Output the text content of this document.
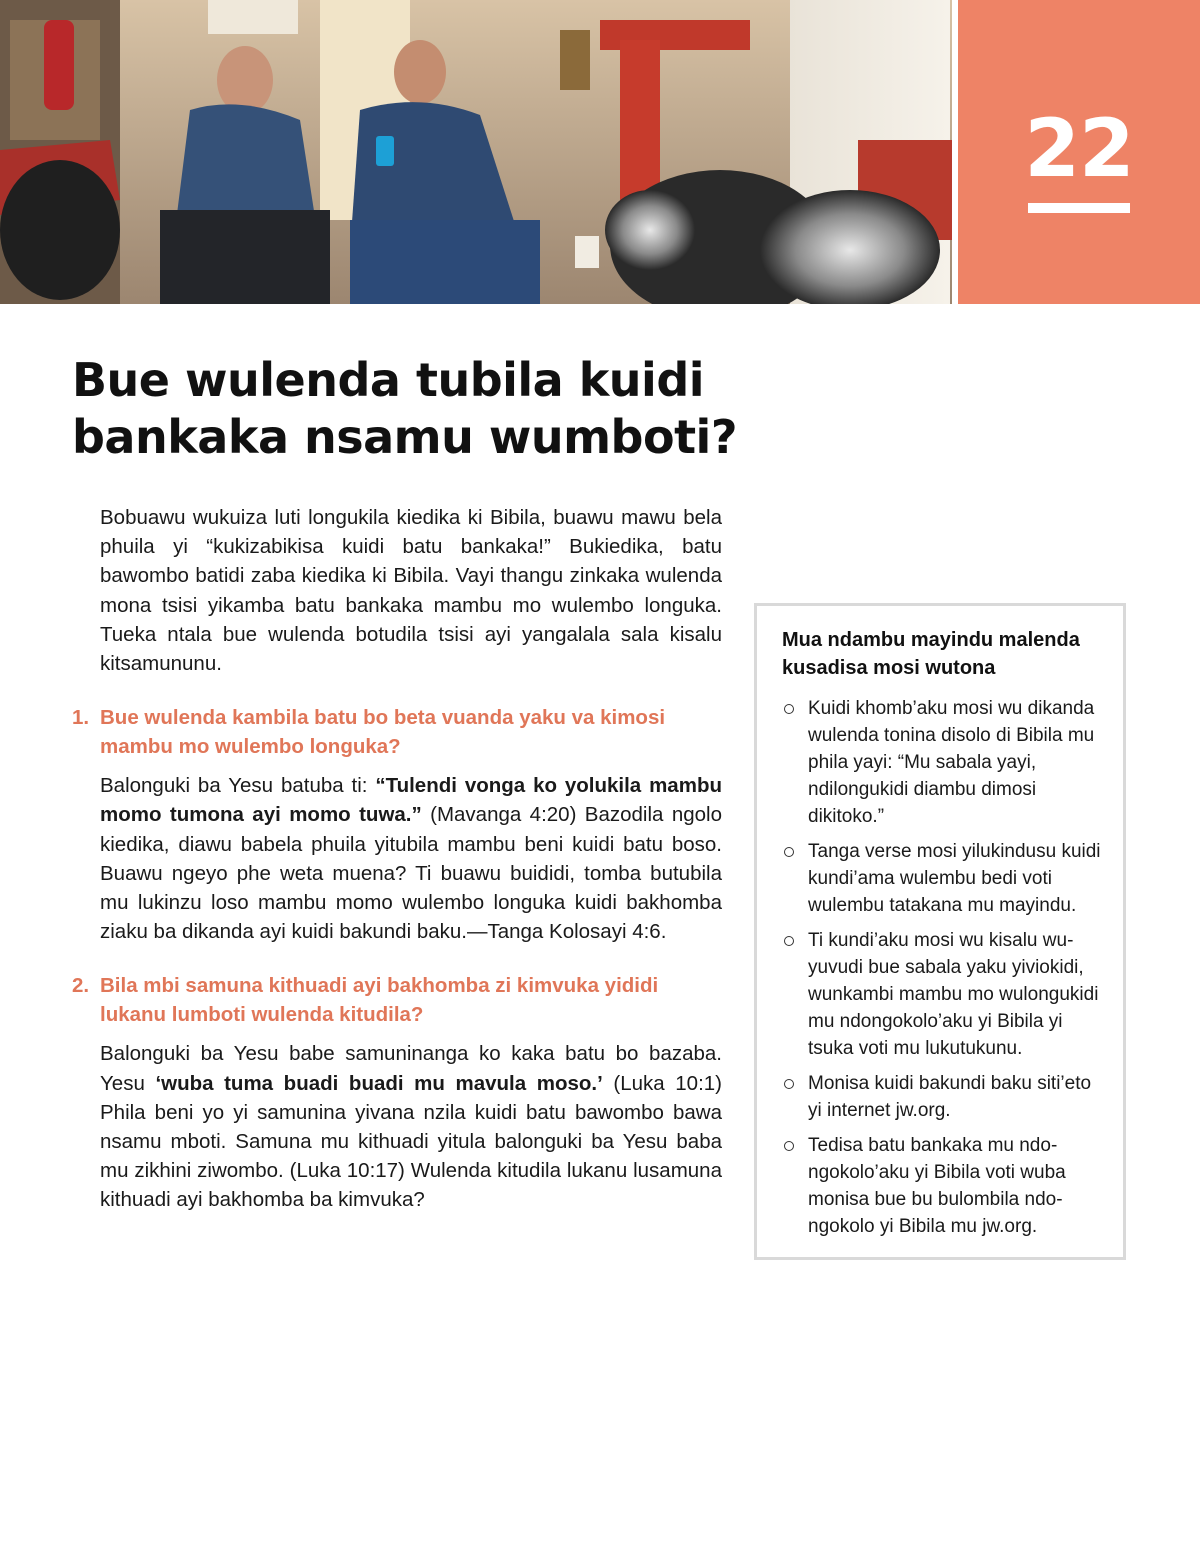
22
Bue wulenda tubila kuidi
bankaka nsamu wumboti?

Bobuawu wukuiza luti longukila kiedika ki Bibila, buawu mawu bela phuila yi “kukizabikisa kuidi batu bankaka!” Bukiedika, batu bawombo batidi zaba kiedika ki Bibila. Vayi thangu zinkaka wulenda mona tsisi yikamba batu bankaka mambu mo wulembo longuka. Tueka ntala bue wulenda botudila tsisi ayi yangalala sala kisalu kitsamununu.

1. Bue wulenda kambila batu bo beta vuanda yaku va kimosi mambu mo wulembo longuka?

Balonguki ba Yesu batuba ti: “Tulendi vonga ko yolukila mambu momo tumona ayi momo tuwa.” (Mavanga 4:20) Bazodila ngolo kiedika, diawu babela phuila yitubila mambu beni kuidi batu boso. Buawu ngeyo phe weta muena? Ti buawu buididi, tomba butubila mu lukinzu loso mambu momo wulembo longuka kuidi bakhomba ziaku ba dikanda ayi kuidi bakundi baku.—Tanga Kolosayi 4:6.

2. Bila mbi samuna kithuadi ayi bakhomba zi kimvuka yididi lukanu lumboti wulenda kitudila?

Balonguki ba Yesu babe samuninanga ko kaka batu bo bazaba. Yesu ‘wuba tuma buadi buadi mu mavula moso.’ (Luka 10:1) Phila beni yo yi samunina yivana nzila kuidi batu bawombo bawa nsamu mboti. Samuna mu kithuadi yitula balonguki ba Yesu baba mu zikhini ziwombo. (Luka 10:17) Wulenda kitudila lukanu lusamuna kithuadi ayi bakhomba ba kimvuka?

Mua ndambu mayindu malenda kusadisa mosi wutona
Kuidi khomb’aku mosi wu dikanda wulenda tonina disolo di Bibila mu phila yayi: “Mu sabala yayi, ndilongukidi diambu dimosi dikitoko.”
Tanga verse mosi yilukindusu kuidi kundi’ama wulembu bedi voti wulembu tatakana mu mayindu.
Ti kundi’aku mosi wu kisalu wuyuvudi bue sabala yaku yiviokidi, wunkambi mambu mo wulongukidi mu ndongokolo’aku yi Bibila yi tsuka voti mu lukutukunu.
Monisa kuidi bakundi baku siti’eto yi internet jw.org.
Tedisa batu bankaka mu ndongokolo’aku yi Bibila voti wuba monisa bue bu bulombila ndongokolo yi Bibila mu jw.org.
